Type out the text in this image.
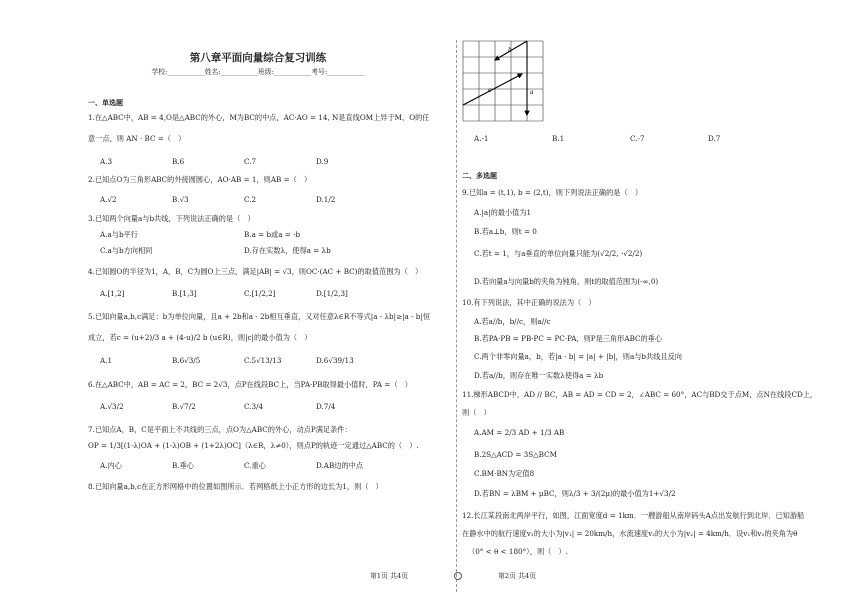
第八章平面向量综合复习训练
学校:___________姓名:___________班级:___________考号:___________
一、单选题
1.在△ABC中，AB = 4,O是△ABC的外心，M为BC的中点，AC·AO = 14, N是直线OM上异于M、O的任
意一点，则 AN · BC =（　）
A.3	B.6	C.7	D.9
2.已知点O为三角形ABC的外接圆圆心，AO·AB = 1，则AB =（　）
A.√2	B.√3	C.2	D.1/2
3.已知两个向量a与b共线，下列说法正确的是（　）
A.a与b平行	B.a = b或a = -b
C.a与b方向相同	D.存在实数λ，使得a = λb
4.已知圆O的半径为1，A，B，C为圆O上三点，满足|AB| = √3，则OC·(AC + BC)的取值范围为（　）
A.[1,2]	B.[1,3]	C.[1/2,2]	D.[1/2,3]
5.已知向量a,b,c满足：b为单位向量，且a + 2b和a - 2b相互垂直，又对任意λ∈R不等式|a - λb|≥|a - b|恒
成立，若c = (u+2)/3 a + (4-u)/2 b (u∈R)，则|c|的最小值为（　）
A.1	B.6√3/5	C.5√13/13	D.6√39/13
6.在△ABC中，AB = AC = 2，BC = 2√3，点P在线段BC上，当PA·PB取得最小值时，PA =（　）
A.√3/2	B.√7/2	C.3/4	D.7/4
7.已知点A，B，C是平面上不共线的三点，点O为△ABC的外心，动点P满足条件：
OP = 1/3[(1-λ)OA + (1-λ)OB + (1+2λ)OC]（λ∈R，λ≠0），则点P的轨迹一定通过△ABC的（　）.
A.内心	B.垂心	C.重心	D.AB边的中点
8.已知向量a,b,c在正方形网格中的位置如图所示．若网格纸上小正方形的边长为1，则（　）
第1页 共4页
b
c	a
A.-1	B.1	C.-7	D.7
二、多选题
9.已知a = (t,1), b = (2,t)，则下列说法正确的是（　）
A.|a|的最小值为1
B.若a⊥b，则t = 0
C.若t = 1，与a垂直的单位向量只能为(√2/2, -√2/2)
D.若向量a与向量b的夹角为钝角，则t的取值范围为(-∞,0)
10.有下列说法，其中正确的说法为（　）
A.若a//b，b//c，则a//c
B.若PA·PB = PB·PC = PC·PA，则P是三角形ABC的垂心
C.两个非零向量a，b，若|a - b| = |a| + |b|，则a与b共线且反向
D.若a//b，则存在唯一实数λ使得a = λb
11.梯形ABCD中，AD // BC，AB = AD = CD = 2，∠ABC = 60°，AC与BD交于点M，点N在线段CD上，
则（　）
A.AM = 2/3 AD + 1/3 AB
B.2S△ACD = 3S△BCM
C.BM·BN为定值8
D.若BN = λBM + μBC，则λ/3 + 3/(2μ)的最小值为1+√3/2
12.长江某段南北两岸平行，如图，江面宽度d = 1km．一艘游船从南岸码头A点出发航行到北岸．已知游船
在静水中的航行速度v₁的大小为|v₁| = 20km/h，水流速度v₂的大小为|v₂| = 4km/h．设v₁和v₂的夹角为θ
（0° < θ < 180°），则（　）.
第2页 共4页
